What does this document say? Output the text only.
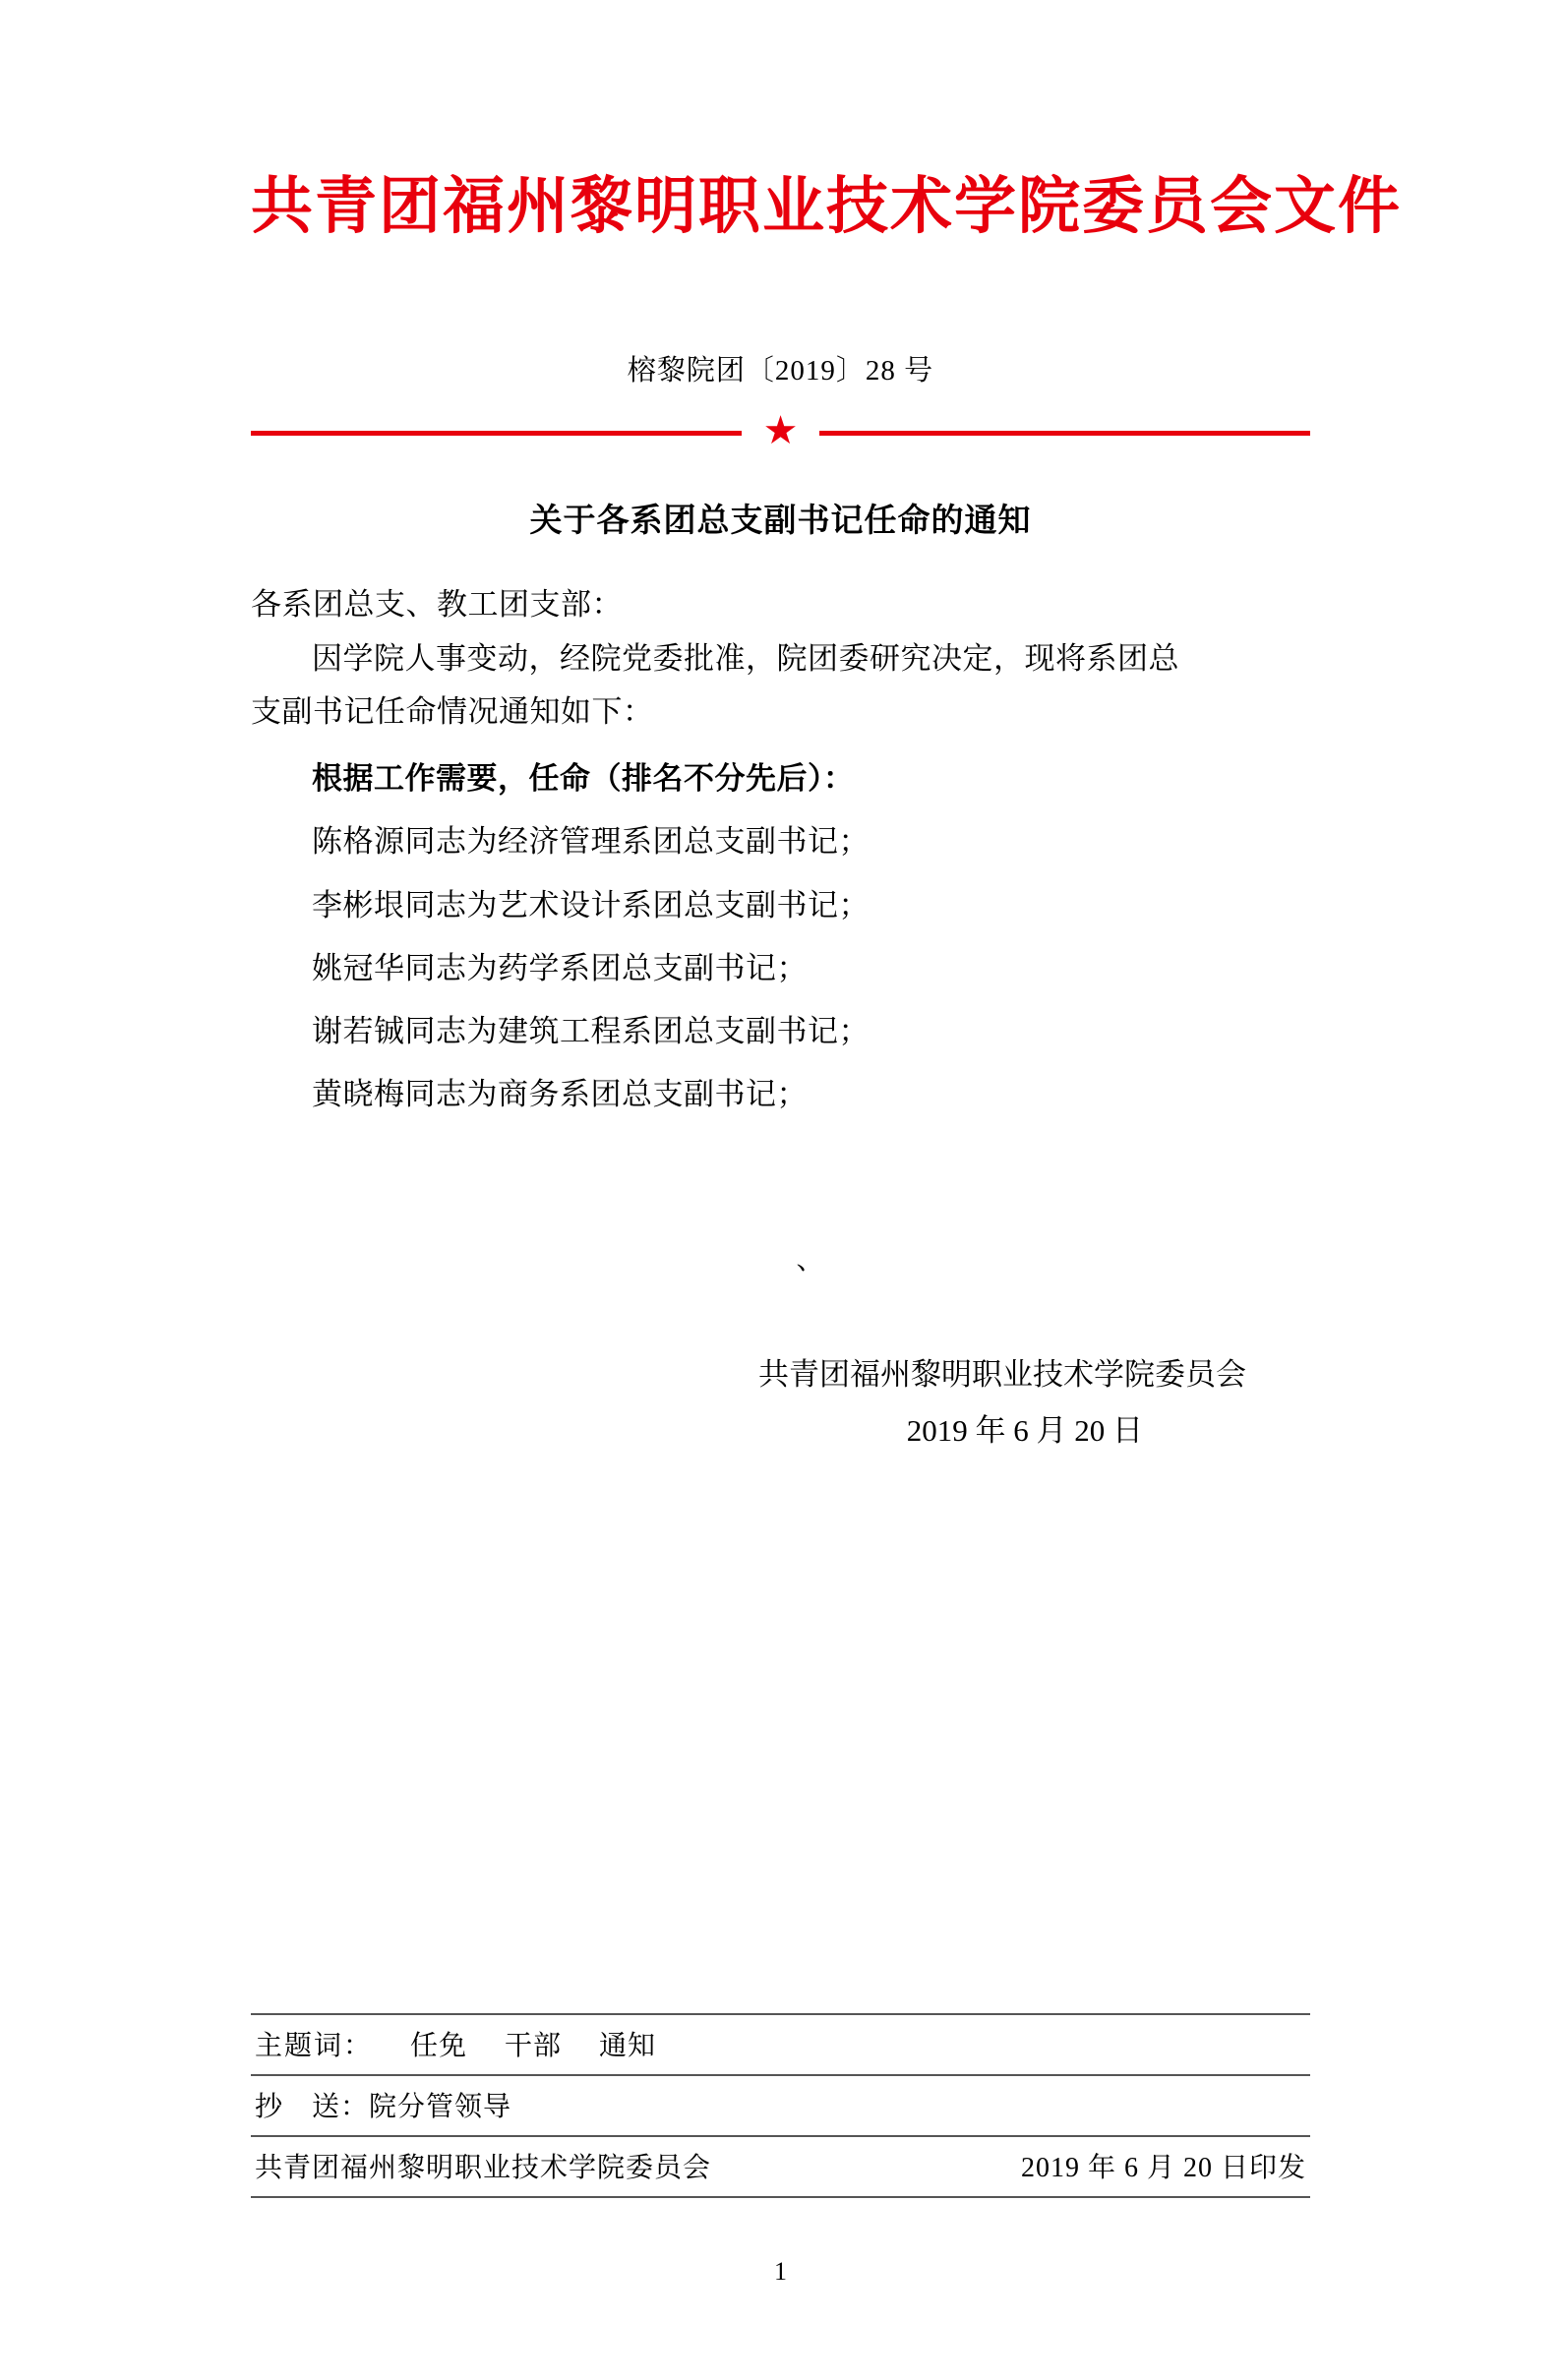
共青团福州黎明职业技术学院委员会文件
榕黎院团〔2019〕28 号
★
关于各系团总支副书记任命的通知

各系团总支、教工团支部：

因学院人事变动，经院党委批准，院团委研究决定，现将系团总

支副书记任命情况通知如下：

根据工作需要，任命（排名不分先后）：

陈格源同志为经济管理系团总支副书记；

李彬垠同志为艺术设计系团总支副书记；

姚冠华同志为药学系团总支副书记；

谢若铖同志为建筑工程系团总支副书记；

黄晓梅同志为商务系团总支副书记；

、
共青团福州黎明职业技术学院委员会
2019 年 6 月 20 日
主题词： 任免 干部 通知
抄　送：院分管领导
共青团福州黎明职业技术学院委员会	2019 年 6 月 20 日印发
1
